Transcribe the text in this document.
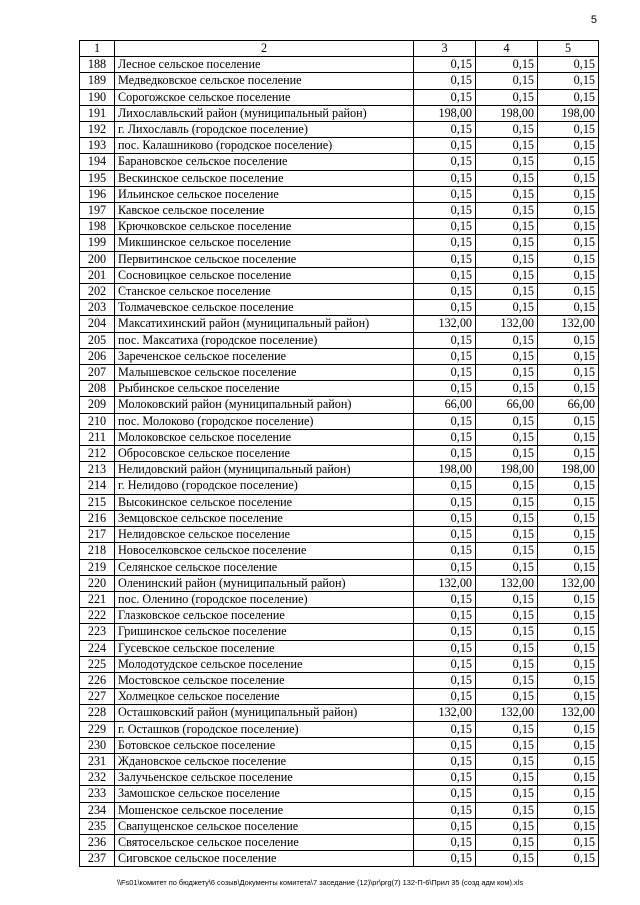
5
1	2	3	4	5
188	Лесное сельское поселение	0,15	0,15	0,15
189	Медведковское сельское поселение	0,15	0,15	0,15
190	Сорогожское сельское поселение	0,15	0,15	0,15
191	Лихославльский район (муниципальный район)	198,00	198,00	198,00
192	г. Лихославль (городское поселение)	0,15	0,15	0,15
193	пос. Калашниково (городское поселение)	0,15	0,15	0,15
194	Барановское сельское поселение	0,15	0,15	0,15
195	Вескинское сельское поселение	0,15	0,15	0,15
196	Ильинское сельское поселение	0,15	0,15	0,15
197	Кавское сельское поселение	0,15	0,15	0,15
198	Крючковское сельское поселение	0,15	0,15	0,15
199	Микшинское сельское поселение	0,15	0,15	0,15
200	Первитинское сельское поселение	0,15	0,15	0,15
201	Сосновицкое сельское поселение	0,15	0,15	0,15
202	Станское сельское поселение	0,15	0,15	0,15
203	Толмачевское сельское поселение	0,15	0,15	0,15
204	Максатихинский район (муниципальный район)	132,00	132,00	132,00
205	пос. Максатиха (городское поселение)	0,15	0,15	0,15
206	Зареченское сельское поселение	0,15	0,15	0,15
207	Малышевское сельское поселение	0,15	0,15	0,15
208	Рыбинское сельское поселение	0,15	0,15	0,15
209	Молоковский район (муниципальный район)	66,00	66,00	66,00
210	пос. Молоково (городское поселение)	0,15	0,15	0,15
211	Молоковское сельское поселение	0,15	0,15	0,15
212	Обросовское сельское поселение	0,15	0,15	0,15
213	Нелидовский район (муниципальный район)	198,00	198,00	198,00
214	г. Нелидово (городское поселение)	0,15	0,15	0,15
215	Высокинское сельское поселение	0,15	0,15	0,15
216	Земцовское сельское поселение	0,15	0,15	0,15
217	Нелидовское сельское поселение	0,15	0,15	0,15
218	Новоселковское сельское поселение	0,15	0,15	0,15
219	Селянское сельское поселение	0,15	0,15	0,15
220	Оленинский район (муниципальный район)	132,00	132,00	132,00
221	пос. Оленино (городское поселение)	0,15	0,15	0,15
222	Глазковское сельское поселение	0,15	0,15	0,15
223	Гришинское сельское поселение	0,15	0,15	0,15
224	Гусевское сельское поселение	0,15	0,15	0,15
225	Молодотудское сельское поселение	0,15	0,15	0,15
226	Мостовское сельское поселение	0,15	0,15	0,15
227	Холмецкое сельское поселение	0,15	0,15	0,15
228	Осташковский район (муниципальный район)	132,00	132,00	132,00
229	г. Осташков (городское поселение)	0,15	0,15	0,15
230	Ботовское сельское поселение	0,15	0,15	0,15
231	Ждановское сельское поселение	0,15	0,15	0,15
232	Залучьенское сельское поселение	0,15	0,15	0,15
233	Замошское сельское поселение	0,15	0,15	0,15
234	Мошенское сельское поселение	0,15	0,15	0,15
235	Свапущенское сельское поселение	0,15	0,15	0,15
236	Святосельское сельское поселение	0,15	0,15	0,15
237	Сиговское сельское поселение	0,15	0,15	0,15
\\Fs01\комитет по бюджету\6 созыв\Документы комитета\7 заседание (12)\pr\prg(7) 132-П-6\Прил 35 (созд адм ком).xls
